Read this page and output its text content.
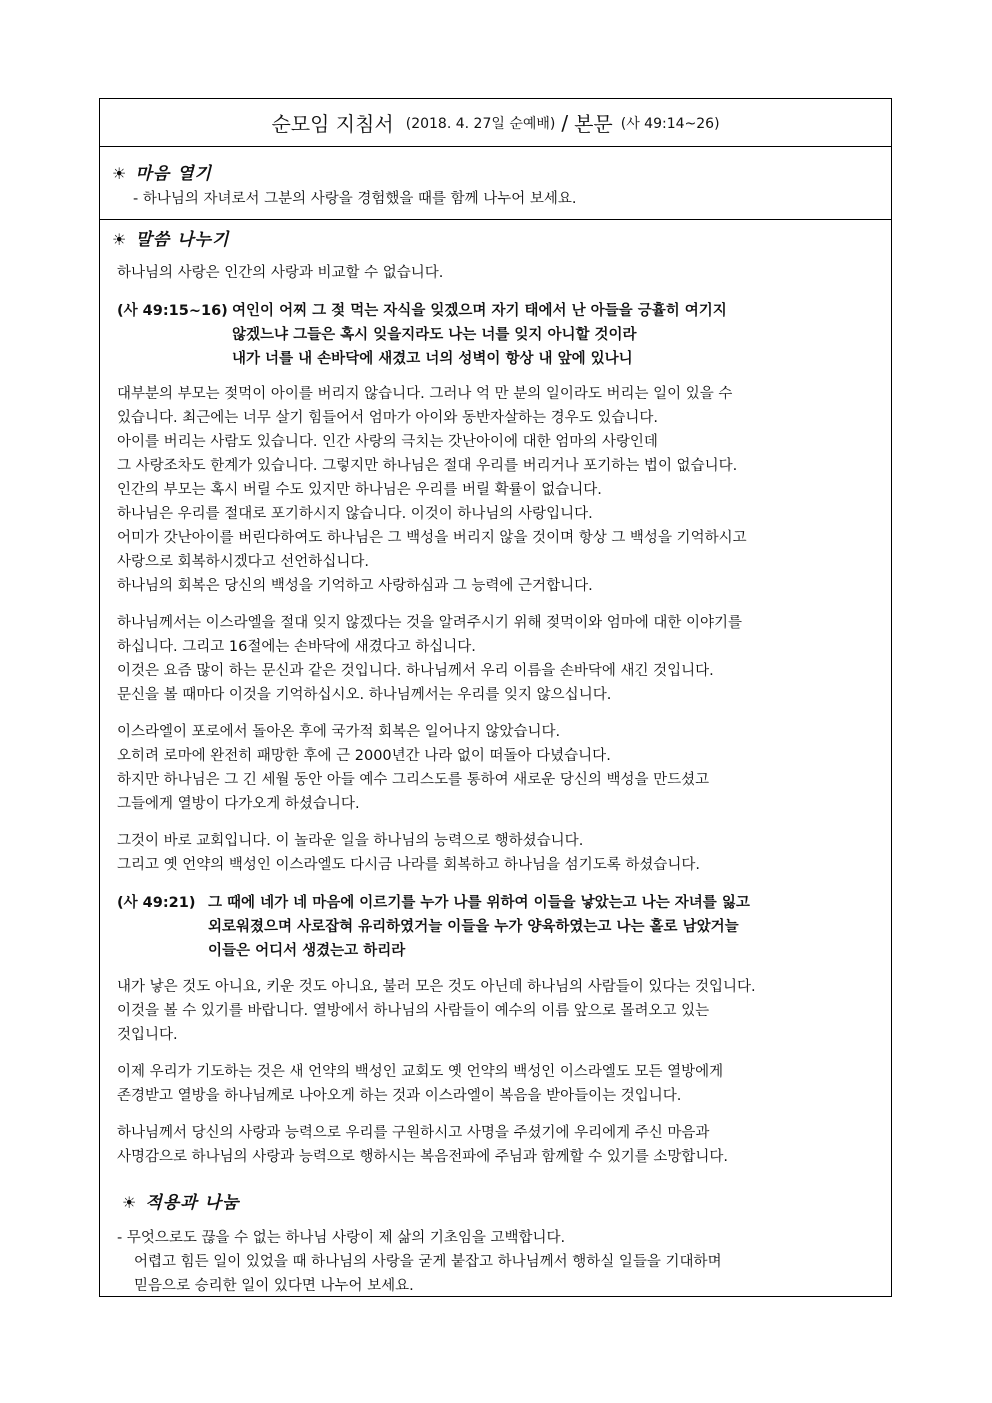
순모임 지침서 (2018. 4. 27일 순예배) / 본문 (사 49:14~26)
☀ 마음 열기
- 하나님의 자녀로서 그분의 사랑을 경험했을 때를 함께 나누어 보세요.
☀ 말씀 나누기
하나님의 사랑은 인간의 사랑과 비교할 수 없습니다.
(사 49:15~16) 여인이 어찌 그 젖 먹는 자식을 잊겠으며 자기 태에서 난 아들을 긍휼히 여기지
않겠느냐 그들은 혹시 잊을지라도 나는 너를 잊지 아니할 것이라
내가 너를 내 손바닥에 새겼고 너의 성벽이 항상 내 앞에 있나니
대부분의 부모는 젖먹이 아이를 버리지 않습니다. 그러나 억 만 분의 일이라도 버리는 일이 있을 수
있습니다. 최근에는 너무 살기 힘들어서 엄마가 아이와 동반자살하는 경우도 있습니다.
아이를 버리는 사람도 있습니다. 인간 사랑의 극치는 갓난아이에 대한 엄마의 사랑인데
그 사랑조차도 한계가 있습니다. 그렇지만 하나님은 절대 우리를 버리거나 포기하는 법이 없습니다.
인간의 부모는 혹시 버릴 수도 있지만 하나님은 우리를 버릴 확률이 없습니다.
하나님은 우리를 절대로 포기하시지 않습니다. 이것이 하나님의 사랑입니다.
어미가 갓난아이를 버린다하여도 하나님은 그 백성을 버리지 않을 것이며 항상 그 백성을 기억하시고
사랑으로 회복하시겠다고 선언하십니다.
하나님의 회복은 당신의 백성을 기억하고 사랑하심과 그 능력에 근거합니다.
하나님께서는 이스라엘을 절대 잊지 않겠다는 것을 알려주시기 위해 젖먹이와 엄마에 대한 이야기를
하십니다. 그리고 16절에는 손바닥에 새겼다고 하십니다.
이것은 요즘 많이 하는 문신과 같은 것입니다. 하나님께서 우리 이름을 손바닥에 새긴 것입니다.
문신을 볼 때마다 이것을 기억하십시오. 하나님께서는 우리를 잊지 않으십니다.
이스라엘이 포로에서 돌아온 후에 국가적 회복은 일어나지 않았습니다.
오히려 로마에 완전히 패망한 후에 근 2000년간 나라 없이 떠돌아 다녔습니다.
하지만 하나님은 그 긴 세월 동안 아들 예수 그리스도를 통하여 새로운 당신의 백성을 만드셨고
그들에게 열방이 다가오게 하셨습니다.
그것이 바로 교회입니다. 이 놀라운 일을 하나님의 능력으로 행하셨습니다.
그리고 옛 언약의 백성인 이스라엘도 다시금 나라를 회복하고 하나님을 섬기도록 하셨습니다.
(사 49:21) 그 때에 네가 네 마음에 이르기를 누가 나를 위하여 이들을 낳았는고 나는 자녀를 잃고
외로워졌으며 사로잡혀 유리하였거늘 이들을 누가 양육하였는고 나는 홀로 남았거늘
이들은 어디서 생겼는고 하리라
내가 낳은 것도 아니요, 키운 것도 아니요, 불러 모은 것도 아닌데 하나님의 사람들이 있다는 것입니다.
이것을 볼 수 있기를 바랍니다. 열방에서 하나님의 사람들이 예수의 이름 앞으로 몰려오고 있는
것입니다.
이제 우리가 기도하는 것은 새 언약의 백성인 교회도 옛 언약의 백성인 이스라엘도 모든 열방에게
존경받고 열방을 하나님께로 나아오게 하는 것과 이스라엘이 복음을 받아들이는 것입니다.
하나님께서 당신의 사랑과 능력으로 우리를 구원하시고 사명을 주셨기에 우리에게 주신 마음과
사명감으로 하나님의 사랑과 능력으로 행하시는 복음전파에 주님과 함께할 수 있기를 소망합니다.
☀ 적용과 나눔
- 무엇으로도 끊을 수 없는 하나님 사랑이 제 삶의 기초임을 고백합니다.
어렵고 힘든 일이 있었을 때 하나님의 사랑을 굳게 붙잡고 하나님께서 행하실 일들을 기대하며
믿음으로 승리한 일이 있다면 나누어 보세요.
